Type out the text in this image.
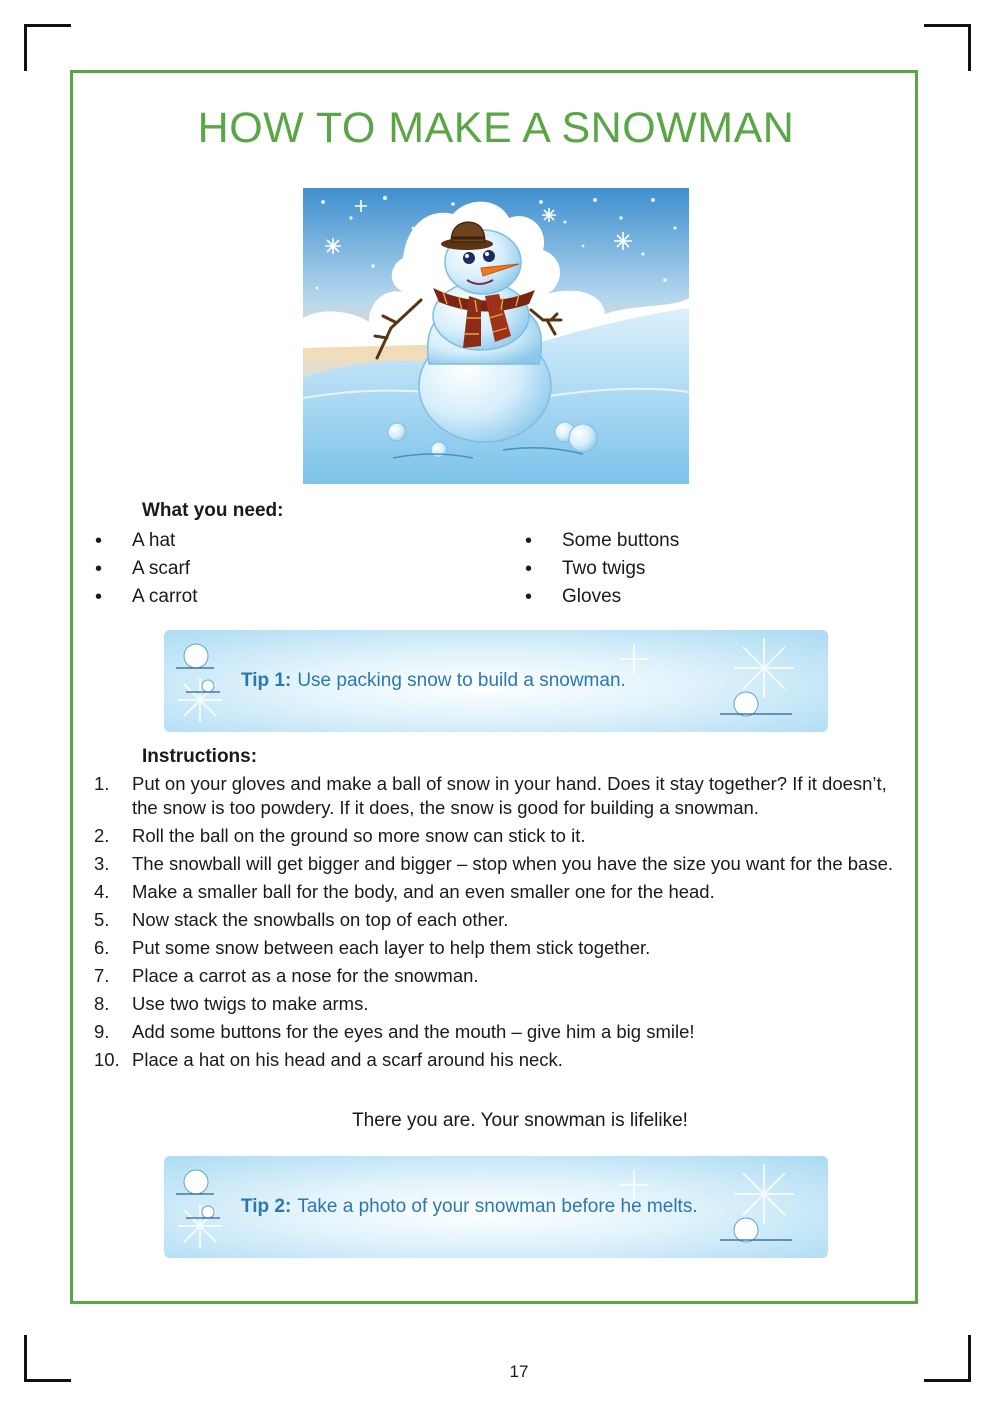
HOW TO MAKE A SNOWMAN
What you need:
• A hat
• A scarf
• A carrot
• Some buttons
• Two twigs
• Gloves
Tip 1: Use packing snow to build a snowman.
Instructions:
1. Put on your gloves and make a ball of snow in your hand. Does it stay together? If it doesn’t, the snow is too powdery. If it does, the snow is good for building a snowman.
2. Roll the ball on the ground so more snow can stick to it.
3. The snowball will get bigger and bigger – stop when you have the size you want for the base.
4. Make a smaller ball for the body, and an even smaller one for the head.
5. Now stack the snowballs on top of each other.
6. Put some snow between each layer to help them stick together.
7. Place a carrot as a nose for the snowman.
8. Use two twigs to make arms.
9. Add some buttons for the eyes and the mouth – give him a big smile!
10. Place a hat on his head and a scarf around his neck.
There you are. Your snowman is lifelike!
Tip 2: Take a photo of your snowman before he melts.
17
